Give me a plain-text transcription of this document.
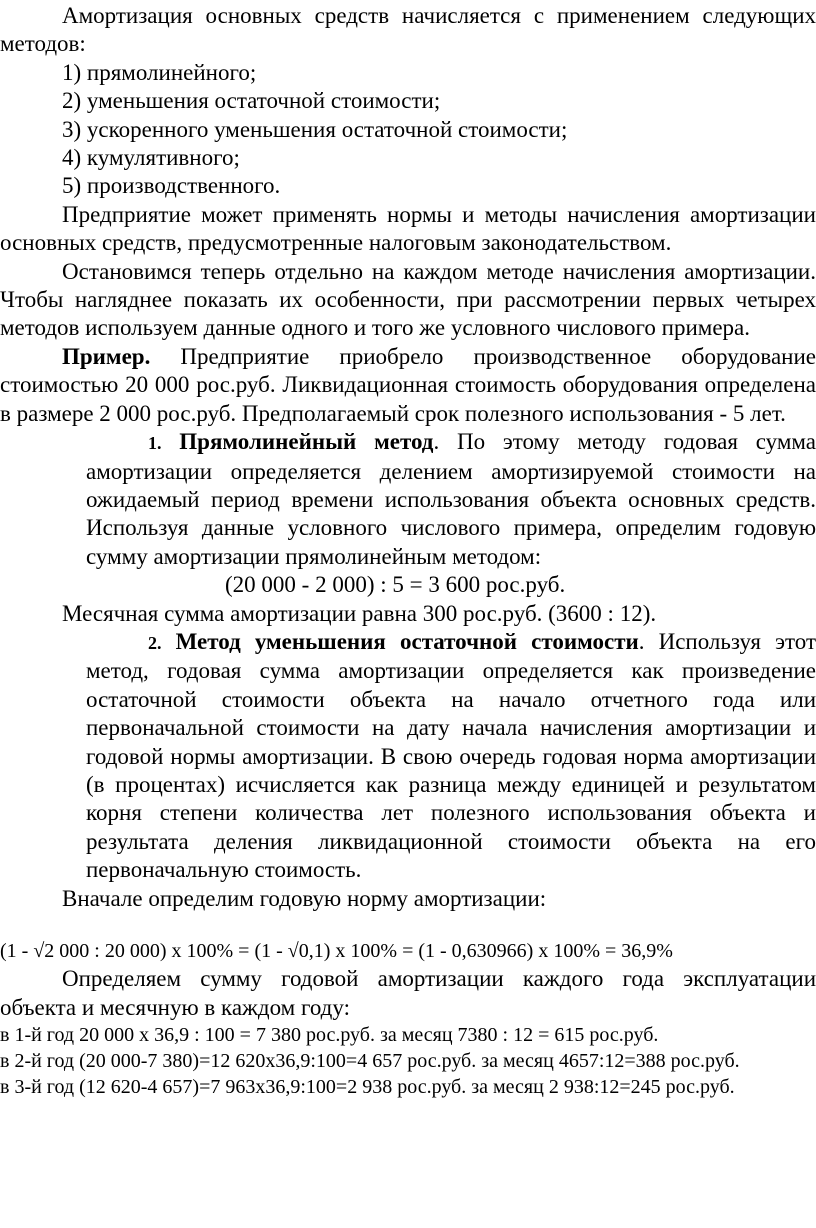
Амортизация основных средств начисляется с применением следующих методов:

1) прямолинейного;

2) уменьшения остаточной стоимости;

3) ускоренного уменьшения остаточной стоимости;

4) кумулятивного;

5) производственного.

Предприятие может применять нормы и методы начисления амортизации основных средств, предусмотренные налоговым законодательством.

Остановимся теперь отдельно на каждом методе начисления амортизации. Чтобы нагляднее показать их особенности, при рассмотрении первых четырех методов используем данные одного и того же условного числового примера.

Пример. Предприятие приобрело производственное оборудование стоимостью 20 000 рос.руб. Ликвидационная стоимость оборудования определена в размере 2 000 рос.руб. Предполагаемый срок полезного использования - 5 лет.

1. Прямолинейный метод. По этому методу годовая сумма амортизации определяется делением амортизируемой стоимости на ожидаемый период времени использования объекта основных средств. Используя данные условного числового примера, определим годовую сумму амортизации прямолинейным методом:

(20 000 - 2 000) : 5 = 3 600 рос.руб.

Месячная сумма амортизации равна 300 рос.руб. (3600 : 12).

2. Метод уменьшения остаточной стоимости. Используя этот метод, годовая сумма амортизации определяется как произведение остаточной стоимости объекта на начало отчетного года или первоначальной стоимости на дату начала начисления амортизации и годовой нормы амортизации. В свою очередь годовая норма амортизации (в процентах) исчисляется как разница между единицей и результатом корня степени количества лет полезного использования объекта и результата деления ликвидационной стоимости объекта на его первоначальную стоимость.

Вначале определим годовую норму амортизации:

(1 - √2 000 : 20 000) х 100% = (1 - √0,1) х 100% = (1 - 0,630966) х 100% = 36,9%

Определяем сумму годовой амортизации каждого года эксплуатации объекта и месячную в каждом году:

в 1-й год 20 000 х 36,9 : 100 = 7 380 рос.руб. за месяц 7380 : 12 = 615 рос.руб.

в 2-й год (20 000-7 380)=12 620х36,9:100=4 657 рос.руб. за месяц 4657:12=388 рос.руб.

в 3-й год (12 620-4 657)=7 963х36,9:100=2 938 рос.руб. за месяц 2 938:12=245 рос.руб.
